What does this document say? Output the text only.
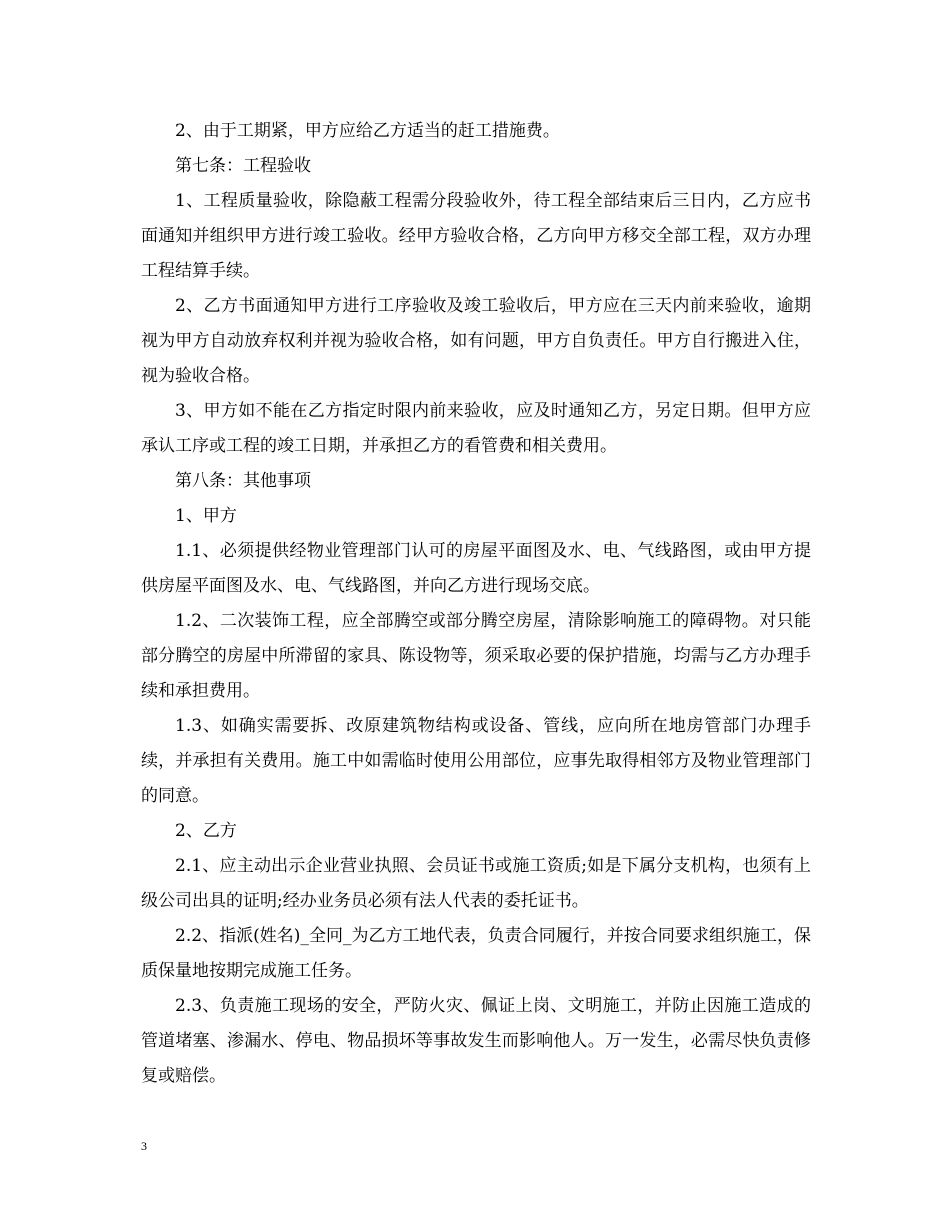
2、由于工期紧，甲方应给乙方适当的赶工措施费。

第七条：工程验收

1、工程质量验收，除隐蔽工程需分段验收外，待工程全部结束后三日内，乙方应书面通知并组织甲方进行竣工验收。经甲方验收合格，乙方向甲方移交全部工程，双方办理工程结算手续。

2、乙方书面通知甲方进行工序验收及竣工验收后，甲方应在三天内前来验收，逾期视为甲方自动放弃权利并视为验收合格，如有问题，甲方自负责任。甲方自行搬进入住，视为验收合格。

3、甲方如不能在乙方指定时限内前来验收，应及时通知乙方，另定日期。但甲方应承认工序或工程的竣工日期，并承担乙方的看管费和相关费用。

第八条：其他事项

1、甲方

1.1、必须提供经物业管理部门认可的房屋平面图及水、电、气线路图，或由甲方提供房屋平面图及水、电、气线路图，并向乙方进行现场交底。

1.2、二次装饰工程，应全部腾空或部分腾空房屋，清除影响施工的障碍物。对只能部分腾空的房屋中所滞留的家具、陈设物等，须采取必要的保护措施，均需与乙方办理手续和承担费用。

1.3、如确实需要拆、改原建筑物结构或设备、管线，应向所在地房管部门办理手续，并承担有关费用。施工中如需临时使用公用部位，应事先取得相邻方及物业管理部门的同意。

2、乙方

2.1、应主动出示企业营业执照、会员证书或施工资质;如是下属分支机构，也须有上级公司出具的证明;经办业务员必须有法人代表的委托证书。

2.2、指派(姓名)_全冋_为乙方工地代表，负责合同履行，并按合同要求组织施工，保质保量地按期完成施工任务。

2.3、负责施工现场的安全，严防火灾、佩证上岗、文明施工，并防止因施工造成的管道堵塞、渗漏水、停电、物品损坏等事故发生而影响他人。万一发生，必需尽快负责修复或赔偿。

3
